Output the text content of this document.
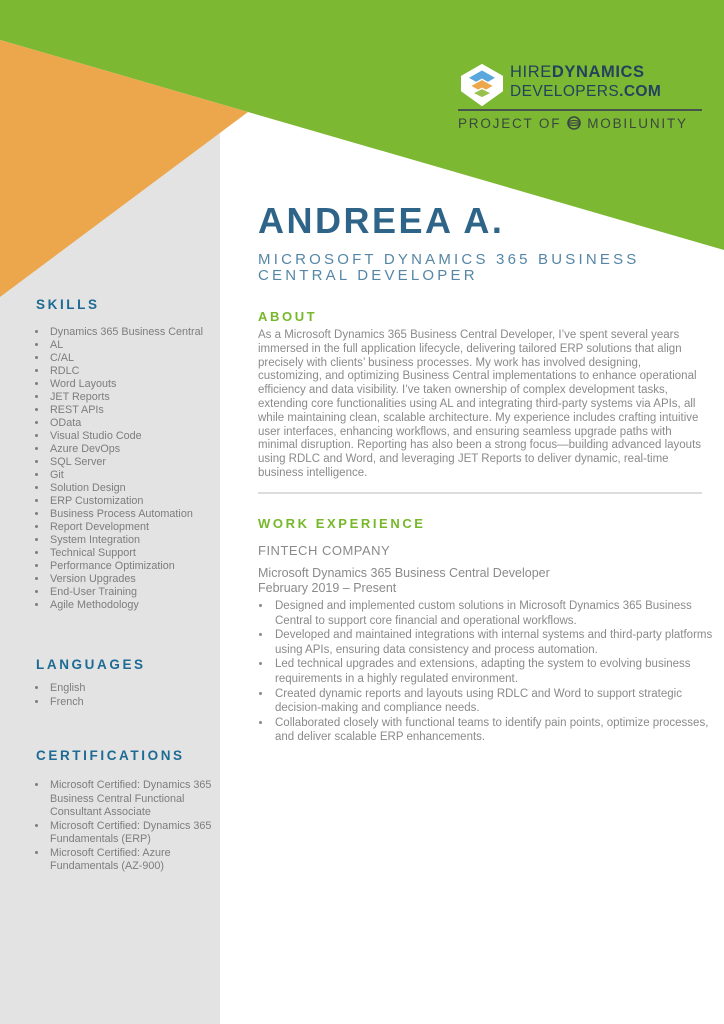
HIREDYNAMICS
DEVELOPERS.COM
PROJECT OF MOBILUNITY
ANDREEA A.
MICROSOFT DYNAMICS 365 BUSINESS CENTRAL DEVELOPER
ABOUT
As a Microsoft Dynamics 365 Business Central Developer, I’ve spent several years immersed in the full application lifecycle, delivering tailored ERP solutions that align precisely with clients’ business processes. My work has involved designing, customizing, and optimizing Business Central implementations to enhance operational efficiency and data visibility. I’ve taken ownership of complex development tasks, extending core functionalities using AL and integrating third-party systems via APIs, all while maintaining clean, scalable architecture. My experience includes crafting intuitive user interfaces, enhancing workflows, and ensuring seamless upgrade paths with minimal disruption. Reporting has also been a strong focus—building advanced layouts using RDLC and Word, and leveraging JET Reports to deliver dynamic, real-time business intelligence.
WORK EXPERIENCE
FINTECH COMPANY
Microsoft Dynamics 365 Business Central Developer
February 2019 – Present
• Designed and implemented custom solutions in Microsoft Dynamics 365 Business Central to support core financial and operational workflows.
• Developed and maintained integrations with internal systems and third-party platforms using APIs, ensuring data consistency and process automation.
• Led technical upgrades and extensions, adapting the system to evolving business requirements in a highly regulated environment.
• Created dynamic reports and layouts using RDLC and Word to support strategic decision-making and compliance needs.
• Collaborated closely with functional teams to identify pain points, optimize processes, and deliver scalable ERP enhancements.
SKILLS
• Dynamics 365 Business Central
• AL
• C/AL
• RDLC
• Word Layouts
• JET Reports
• REST APIs
• OData
• Visual Studio Code
• Azure DevOps
• SQL Server
• Git
• Solution Design
• ERP Customization
• Business Process Automation
• Report Development
• System Integration
• Technical Support
• Performance Optimization
• Version Upgrades
• End-User Training
• Agile Methodology
LANGUAGES
• English
• French
CERTIFICATIONS
• Microsoft Certified: Dynamics 365 Business Central Functional Consultant Associate
• Microsoft Certified: Dynamics 365 Fundamentals (ERP)
• Microsoft Certified: Azure Fundamentals (AZ-900)
